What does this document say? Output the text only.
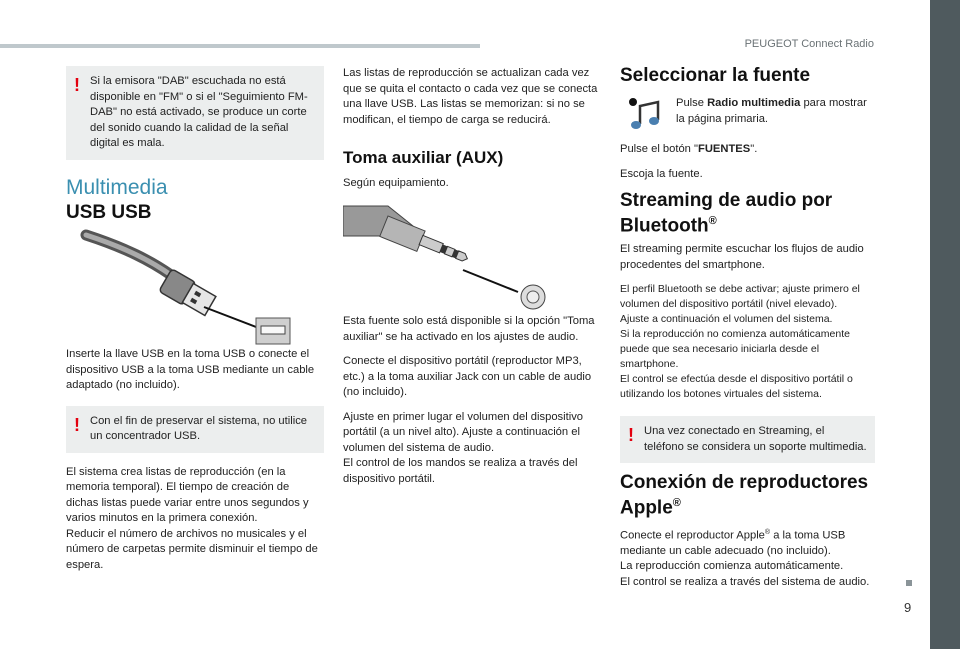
PEUGEOT Connect Radio
9
! Si la emisora "DAB" escuchada no está disponible en "FM" o si el "Seguimiento FM-DAB" no está activado, se produce un corte del sonido cuando la calidad de la señal digital es mala.
Multimedia
USB USB

Inserte la llave USB en la toma USB o conecte el dispositivo USB a la toma USB mediante un cable adaptado (no incluido).

! Con el fin de preservar el sistema, no utilice un concentrador USB.

El sistema crea listas de reproducción (en la memoria temporal). El tiempo de creación de dichas listas puede variar entre unos segundos y varios minutos en la primera conexión.

Reducir el número de archivos no musicales y el número de carpetas permite disminuir el tiempo de espera.

Las listas de reproducción se actualizan cada vez que se quita el contacto o cada vez que se conecta una llave USB. Las listas se memorizan: si no se modifican, el tiempo de carga se reducirá.

Toma auxiliar (AUX)

Según equipamiento.

Esta fuente solo está disponible si la opción "Toma auxiliar" se ha activado en los ajustes de audio.

Conecte el dispositivo portátil (reproductor MP3, etc.) a la toma auxiliar Jack con un cable de audio (no incluido).

Ajuste en primer lugar el volumen del dispositivo portátil (a un nivel alto). Ajuste a continuación el volumen del sistema de audio.

El control de los mandos se realiza a través del dispositivo portátil.

Seleccionar la fuente
Pulse Radio multimedia para mostrar la página primaria.

Pulse el botón "FUENTES".

Escoja la fuente.

Streaming de audio por Bluetooth®

El streaming permite escuchar los flujos de audio procedentes del smartphone.

El perfil Bluetooth se debe activar; ajuste primero el volumen del dispositivo portátil (nivel elevado).
Ajuste a continuación el volumen del sistema.
Si la reproducción no comienza automáticamente puede que sea necesario iniciarla desde el smartphone.
El control se efectúa desde el dispositivo portátil o utilizando los botones virtuales del sistema.
! Una vez conectado en Streaming, el teléfono se considera un soporte multimedia.
Conexión de reproductores Apple®
Conecte el reproductor Apple® a la toma USB mediante un cable adecuado (no incluido).
La reproducción comienza automáticamente.
El control se realiza a través del sistema de audio.
